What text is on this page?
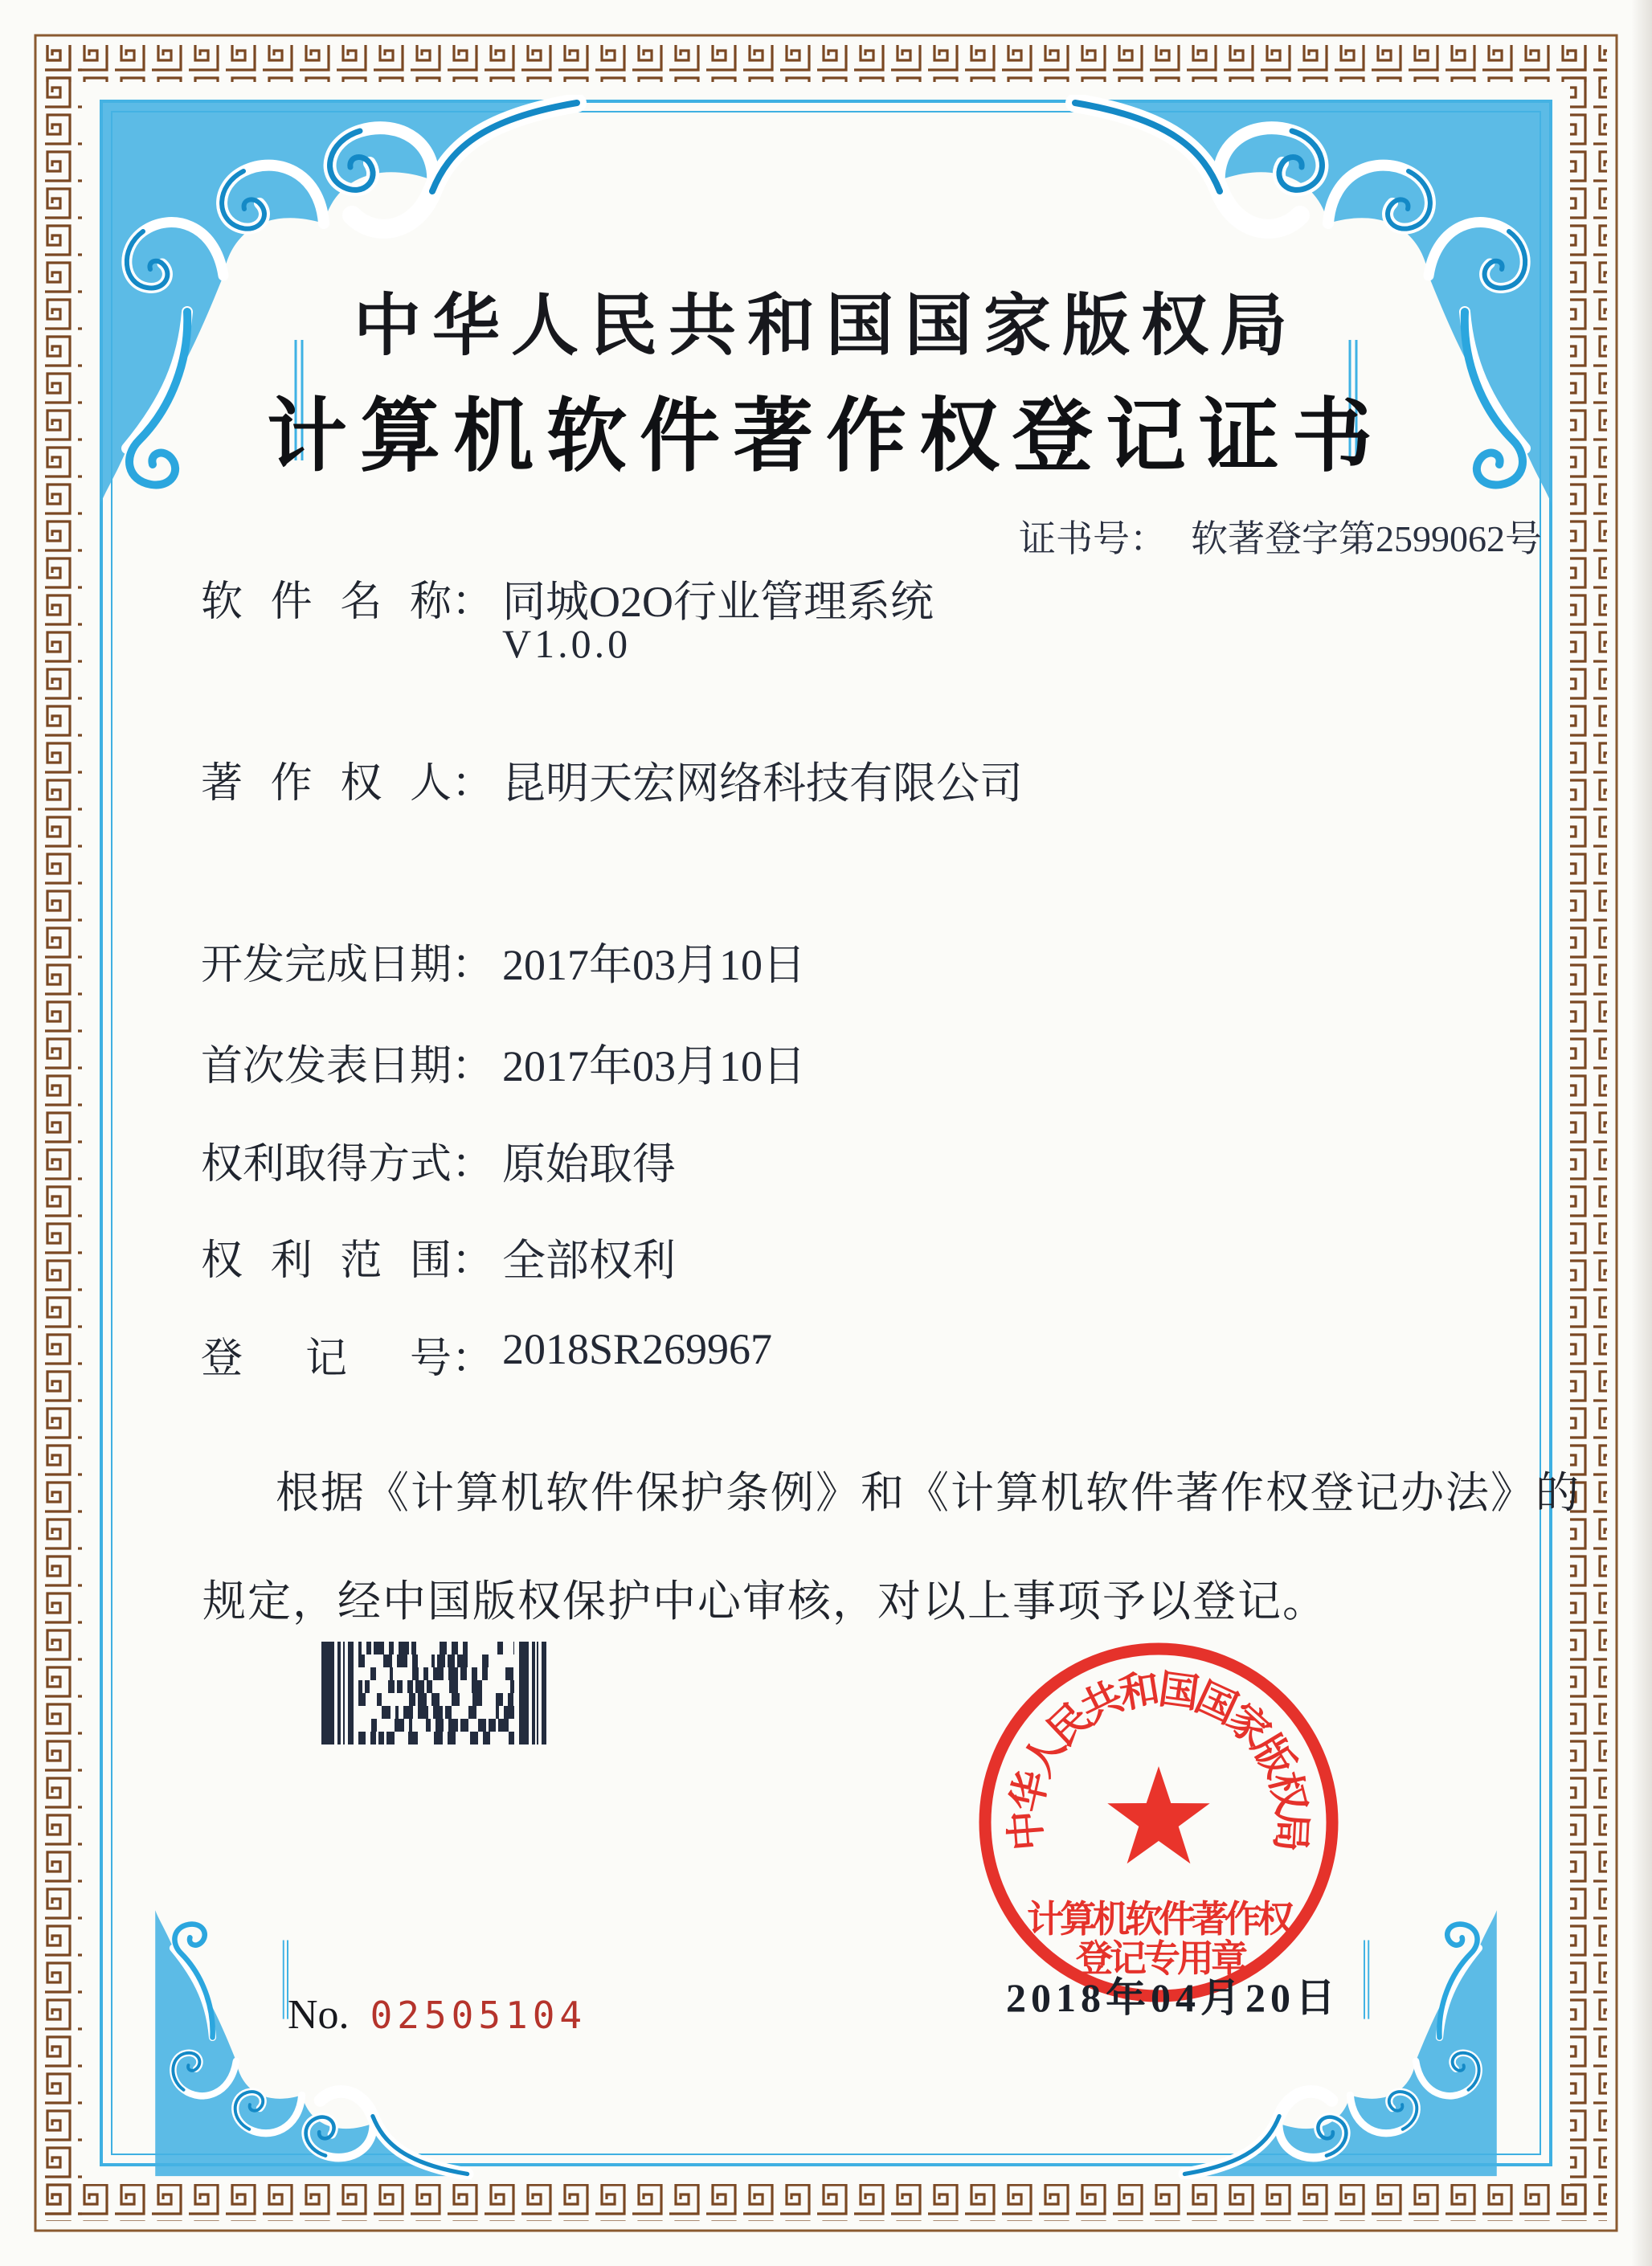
中华人民共和国国家版权局
计算机软件著作权登记证书
证书号： 软著登字第2599062号
软件名称： 同城O2O行业管理系统
V1.0.0
著作权人： 昆明天宏网络科技有限公司
开发完成日期： 2017年03月10日
首次发表日期： 2017年03月10日
权利取得方式： 原始取得
权利范围： 全部权利
登记号： 2018SR269967
根据《计算机软件保护条例》和《计算机软件著作权登记办法》的
规定，经中国版权保护中心审核，对以上事项予以登记。
中华人民共和国国家版权局
计算机软件著作权
登记专用章
2018年04月20日
No. 02505104
